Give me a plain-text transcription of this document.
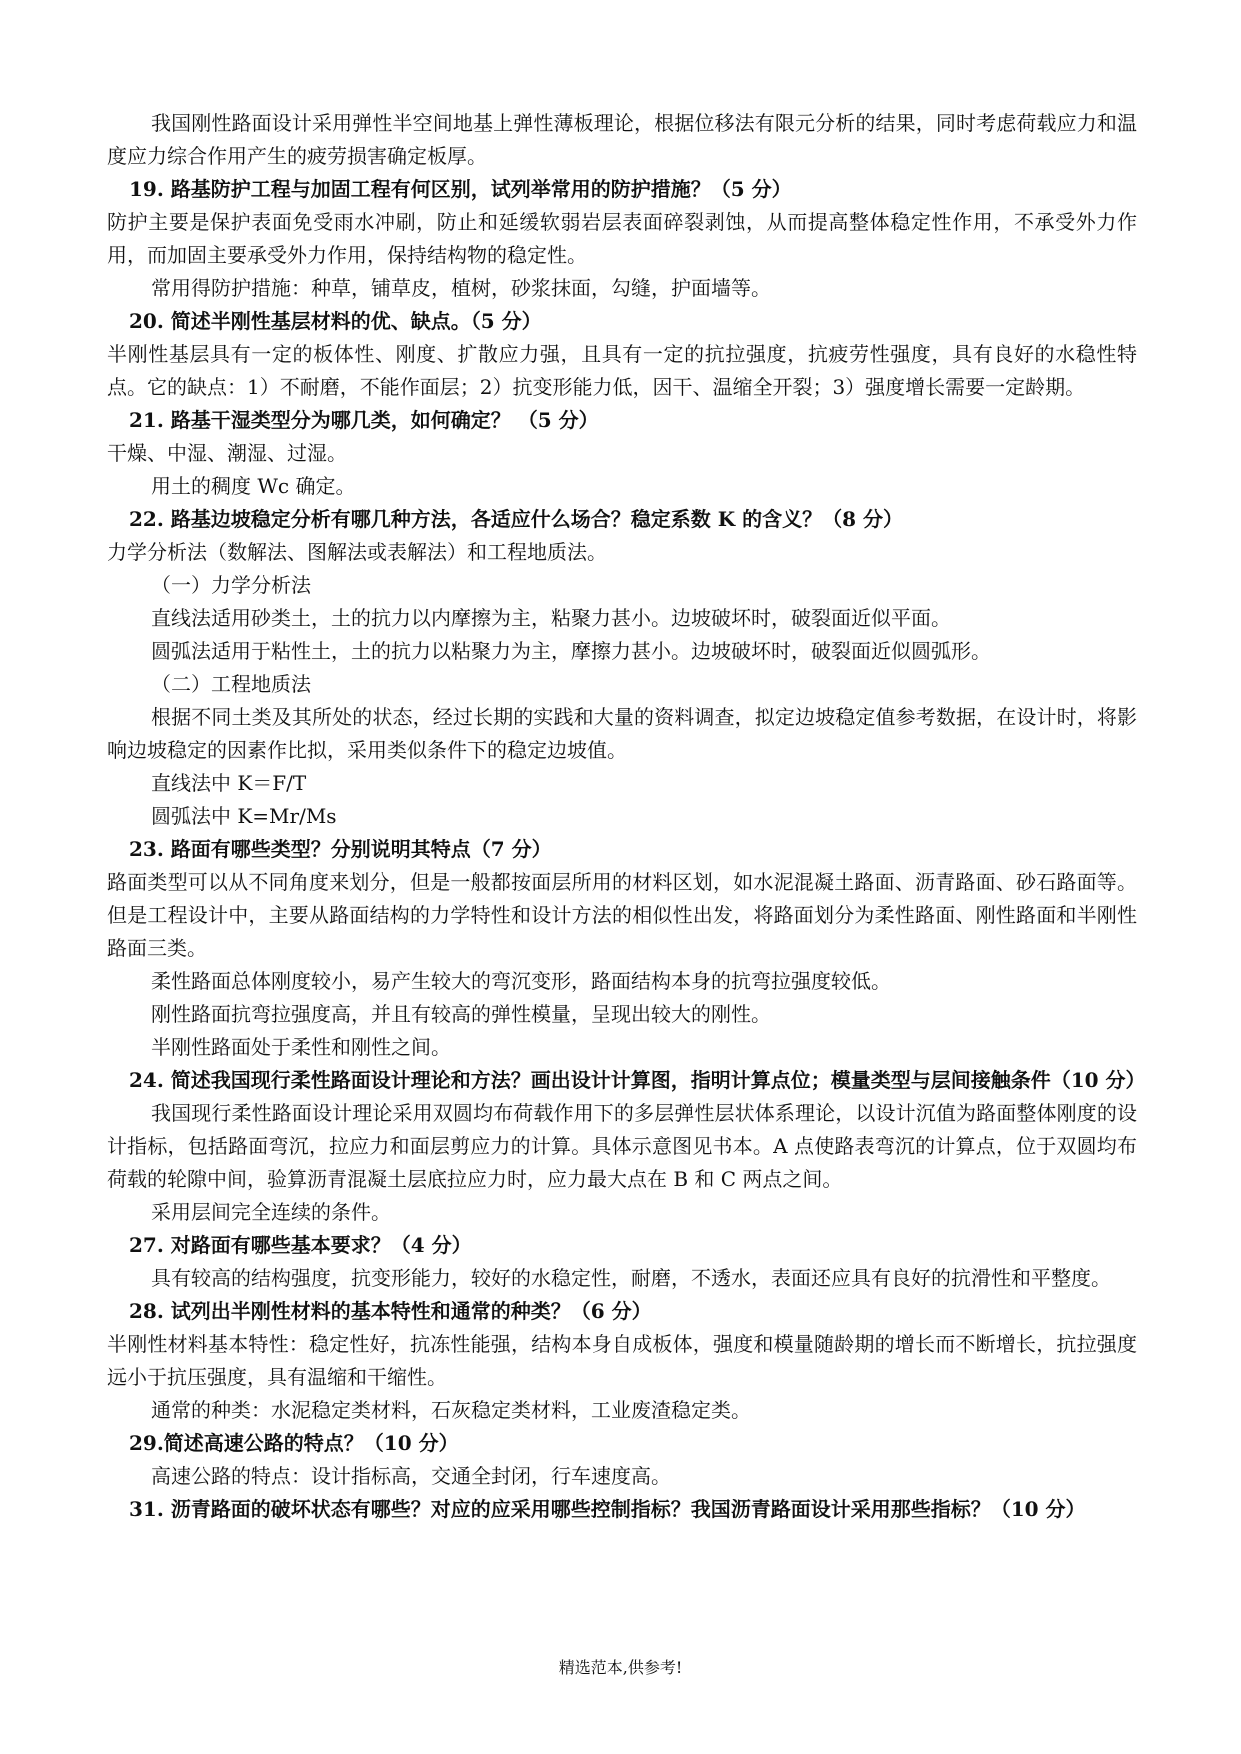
我国刚性路面设计采用弹性半空间地基上弹性薄板理论，根据位移法有限元分析的结果，同时考虑荷载应力和温度应力综合作用产生的疲劳损害确定板厚。

19. 路基防护工程与加固工程有何区别，试列举常用的防护措施？（5 分）

防护主要是保护表面免受雨水冲刷，防止和延缓软弱岩层表面碎裂剥蚀，从而提高整体稳定性作用，不承受外力作用，而加固主要承受外力作用，保持结构物的稳定性。

常用得防护措施：种草，铺草皮，植树，砂浆抹面，勾缝，护面墙等。

20. 简述半刚性基层材料的优、缺点。（5 分）

半刚性基层具有一定的板体性、刚度、扩散应力强，且具有一定的抗拉强度，抗疲劳性强度，具有良好的水稳性特点。它的缺点：1）不耐磨，不能作面层；2）抗变形能力低，因干、温缩全开裂；3）强度增长需要一定龄期。

21. 路基干湿类型分为哪几类，如何确定？ （5 分）

干燥、中湿、潮湿、过湿。

用土的稠度 Wc 确定。

22. 路基边坡稳定分析有哪几种方法，各适应什么场合？稳定系数 K 的含义？（8 分）

力学分析法（数解法、图解法或表解法）和工程地质法。

（一）力学分析法

直线法适用砂类土，土的抗力以内摩擦为主，粘聚力甚小。边坡破坏时，破裂面近似平面。

圆弧法适用于粘性土，土的抗力以粘聚力为主，摩擦力甚小。边坡破坏时，破裂面近似圆弧形。

（二）工程地质法

根据不同土类及其所处的状态，经过长期的实践和大量的资料调查，拟定边坡稳定值参考数据，在设计时，将影响边坡稳定的因素作比拟，采用类似条件下的稳定边坡值。

直线法中 K＝F/T

圆弧法中 K=Mr/Ms

23. 路面有哪些类型？分别说明其特点（7 分）

路面类型可以从不同角度来划分，但是一般都按面层所用的材料区划，如水泥混凝土路面、沥青路面、砂石路面等。但是工程设计中，主要从路面结构的力学特性和设计方法的相似性出发，将路面划分为柔性路面、刚性路面和半刚性路面三类。

柔性路面总体刚度较小，易产生较大的弯沉变形，路面结构本身的抗弯拉强度较低。

刚性路面抗弯拉强度高，并且有较高的弹性模量，呈现出较大的刚性。

半刚性路面处于柔性和刚性之间。

24. 简述我国现行柔性路面设计理论和方法？画出设计计算图，指明计算点位；模量类型与层间接触条件（10 分）

我国现行柔性路面设计理论采用双圆均布荷载作用下的多层弹性层状体系理论，以设计沉值为路面整体刚度的设计指标，包括路面弯沉，拉应力和面层剪应力的计算。具体示意图见书本。A 点使路表弯沉的计算点，位于双圆均布荷载的轮隙中间，验算沥青混凝土层底拉应力时，应力最大点在 B 和 C 两点之间。

采用层间完全连续的条件。

27. 对路面有哪些基本要求？（4 分）

具有较高的结构强度，抗变形能力，较好的水稳定性，耐磨，不透水，表面还应具有良好的抗滑性和平整度。

28. 试列出半刚性材料的基本特性和通常的种类？（6 分）

半刚性材料基本特性：稳定性好，抗冻性能强，结构本身自成板体，强度和模量随龄期的增长而不断增长，抗拉强度远小于抗压强度，具有温缩和干缩性。

通常的种类：水泥稳定类材料，石灰稳定类材料，工业废渣稳定类。

29.简述高速公路的特点？（10 分）

高速公路的特点：设计指标高，交通全封闭，行车速度高。

31. 沥青路面的破坏状态有哪些？对应的应采用哪些控制指标？我国沥青路面设计采用那些指标？（10 分）

精选范本,供参考!
